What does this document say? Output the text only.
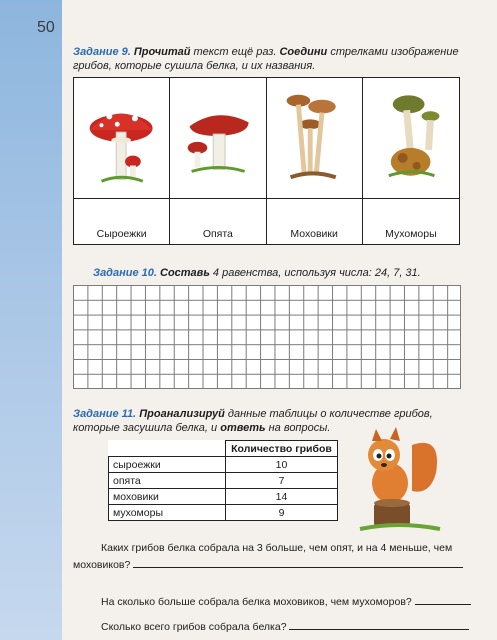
50
Задание 9. Прочитай текст ещё раз. Соедини стрелками изображение
грибов, которые сушила белка, и их названия.
Сыроежки	Опята	Моховики	Мухоморы
Задание 10. Составь 4 равенства, используя числа: 24, 7, 31.
Задание 11. Проанализируй данные таблицы о количестве грибов,
которые засушила белка, и ответь на вопросы.
	Количество грибов
сыроежки	10
опята	7
моховики	14
мухоморы	9
Каких грибов белка собрала на 3 больше, чем опят, и на 4 меньше, чем
моховиков?
На сколько больше собрала белка моховиков, чем мухоморов?
Сколько всего грибов собрала белка?
